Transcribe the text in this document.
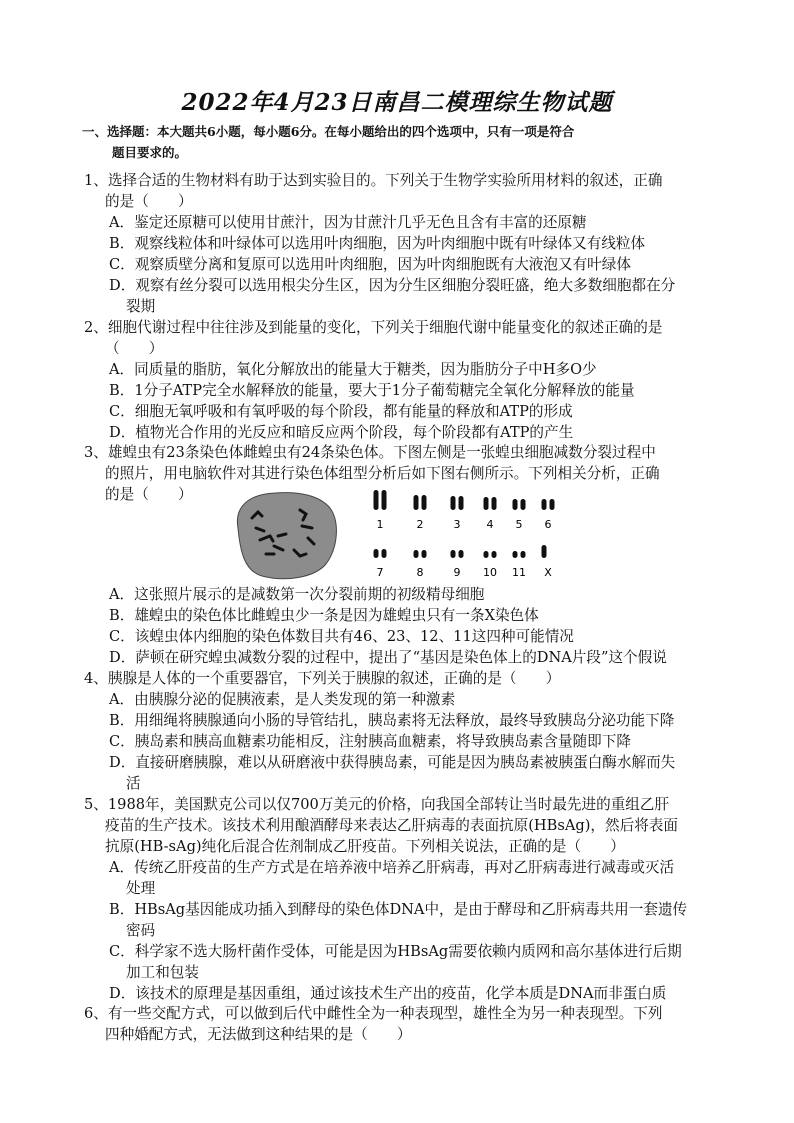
2022年4月23日南昌二模理综生物试题
一、选择题：本大题共6小题，每小题6分。在每小题给出的四个选项中，只有一项是符合
题目要求的。
1、选择合适的生物材料有助于达到实验目的。下列关于生物学实验所用材料的叙述，正确
的是（　　）
A．鉴定还原糖可以使用甘蔗汁，因为甘蔗汁几乎无色且含有丰富的还原糖
B．观察线粒体和叶绿体可以选用叶肉细胞，因为叶肉细胞中既有叶绿体又有线粒体
C．观察质壁分离和复原可以选用叶肉细胞，因为叶肉细胞既有大液泡又有叶绿体
D．观察有丝分裂可以选用根尖分生区，因为分生区细胞分裂旺盛，绝大多数细胞都在分
裂期
2、细胞代谢过程中往往涉及到能量的变化，下列关于细胞代谢中能量变化的叙述正确的是
（　　）
A．同质量的脂肪，氧化分解放出的能量大于糖类，因为脂肪分子中H多O少
B．1分子ATP完全水解释放的能量，要大于1分子葡萄糖完全氧化分解释放的能量
C．细胞无氧呼吸和有氧呼吸的每个阶段，都有能量的释放和ATP的形成
D．植物光合作用的光反应和暗反应两个阶段，每个阶段都有ATP的产生
3、雄蝗虫有23条染色体雌蝗虫有24条染色体。下图左侧是一张蝗虫细胞减数分裂过程中
的照片，用电脑软件对其进行染色体组型分析后如下图右侧所示。下列相关分析，正确
的是（　　）
1	2	3 4 5 6
7	8	9 10 11 X
A．这张照片展示的是减数第一次分裂前期的初级精母细胞
B．雄蝗虫的染色体比雌蝗虫少一条是因为雄蝗虫只有一条X染色体
C．该蝗虫体内细胞的染色体数目共有46、23、12、11这四种可能情况
D．萨顿在研究蝗虫减数分裂的过程中，提出了“基因是染色体上的DNA片段”这个假说
4、胰腺是人体的一个重要器官，下列关于胰腺的叙述，正确的是（　　）
A．由胰腺分泌的促胰液素，是人类发现的第一种激素
B．用细绳将胰腺通向小肠的导管结扎，胰岛素将无法释放，最终导致胰岛分泌功能下降
C．胰岛素和胰高血糖素功能相反，注射胰高血糖素，将导致胰岛素含量随即下降
D．直接研磨胰腺，难以从研磨液中获得胰岛素，可能是因为胰岛素被胰蛋白酶水解而失
活
5、1988年，美国默克公司以仅700万美元的价格，向我国全部转让当时最先进的重组乙肝
疫苗的生产技术。该技术利用酿酒酵母来表达乙肝病毒的表面抗原(HBsAg)，然后将表面
抗原(HB-sAg)纯化后混合佐剂制成乙肝疫苗。下列相关说法，正确的是（　　）
A．传统乙肝疫苗的生产方式是在培养液中培养乙肝病毒，再对乙肝病毒进行减毒或灭活
处理
B．HBsAg基因能成功插入到酵母的染色体DNA中，是由于酵母和乙肝病毒共用一套遗传
密码
C．科学家不选大肠杆菌作受体，可能是因为HBsAg需要依赖内质网和高尔基体进行后期
加工和包装
D．该技术的原理是基因重组，通过该技术生产出的疫苗，化学本质是DNA而非蛋白质
6、有一些交配方式，可以做到后代中雌性全为一种表现型，雄性全为另一种表现型。下列
四种婚配方式，无法做到这种结果的是（　　）
